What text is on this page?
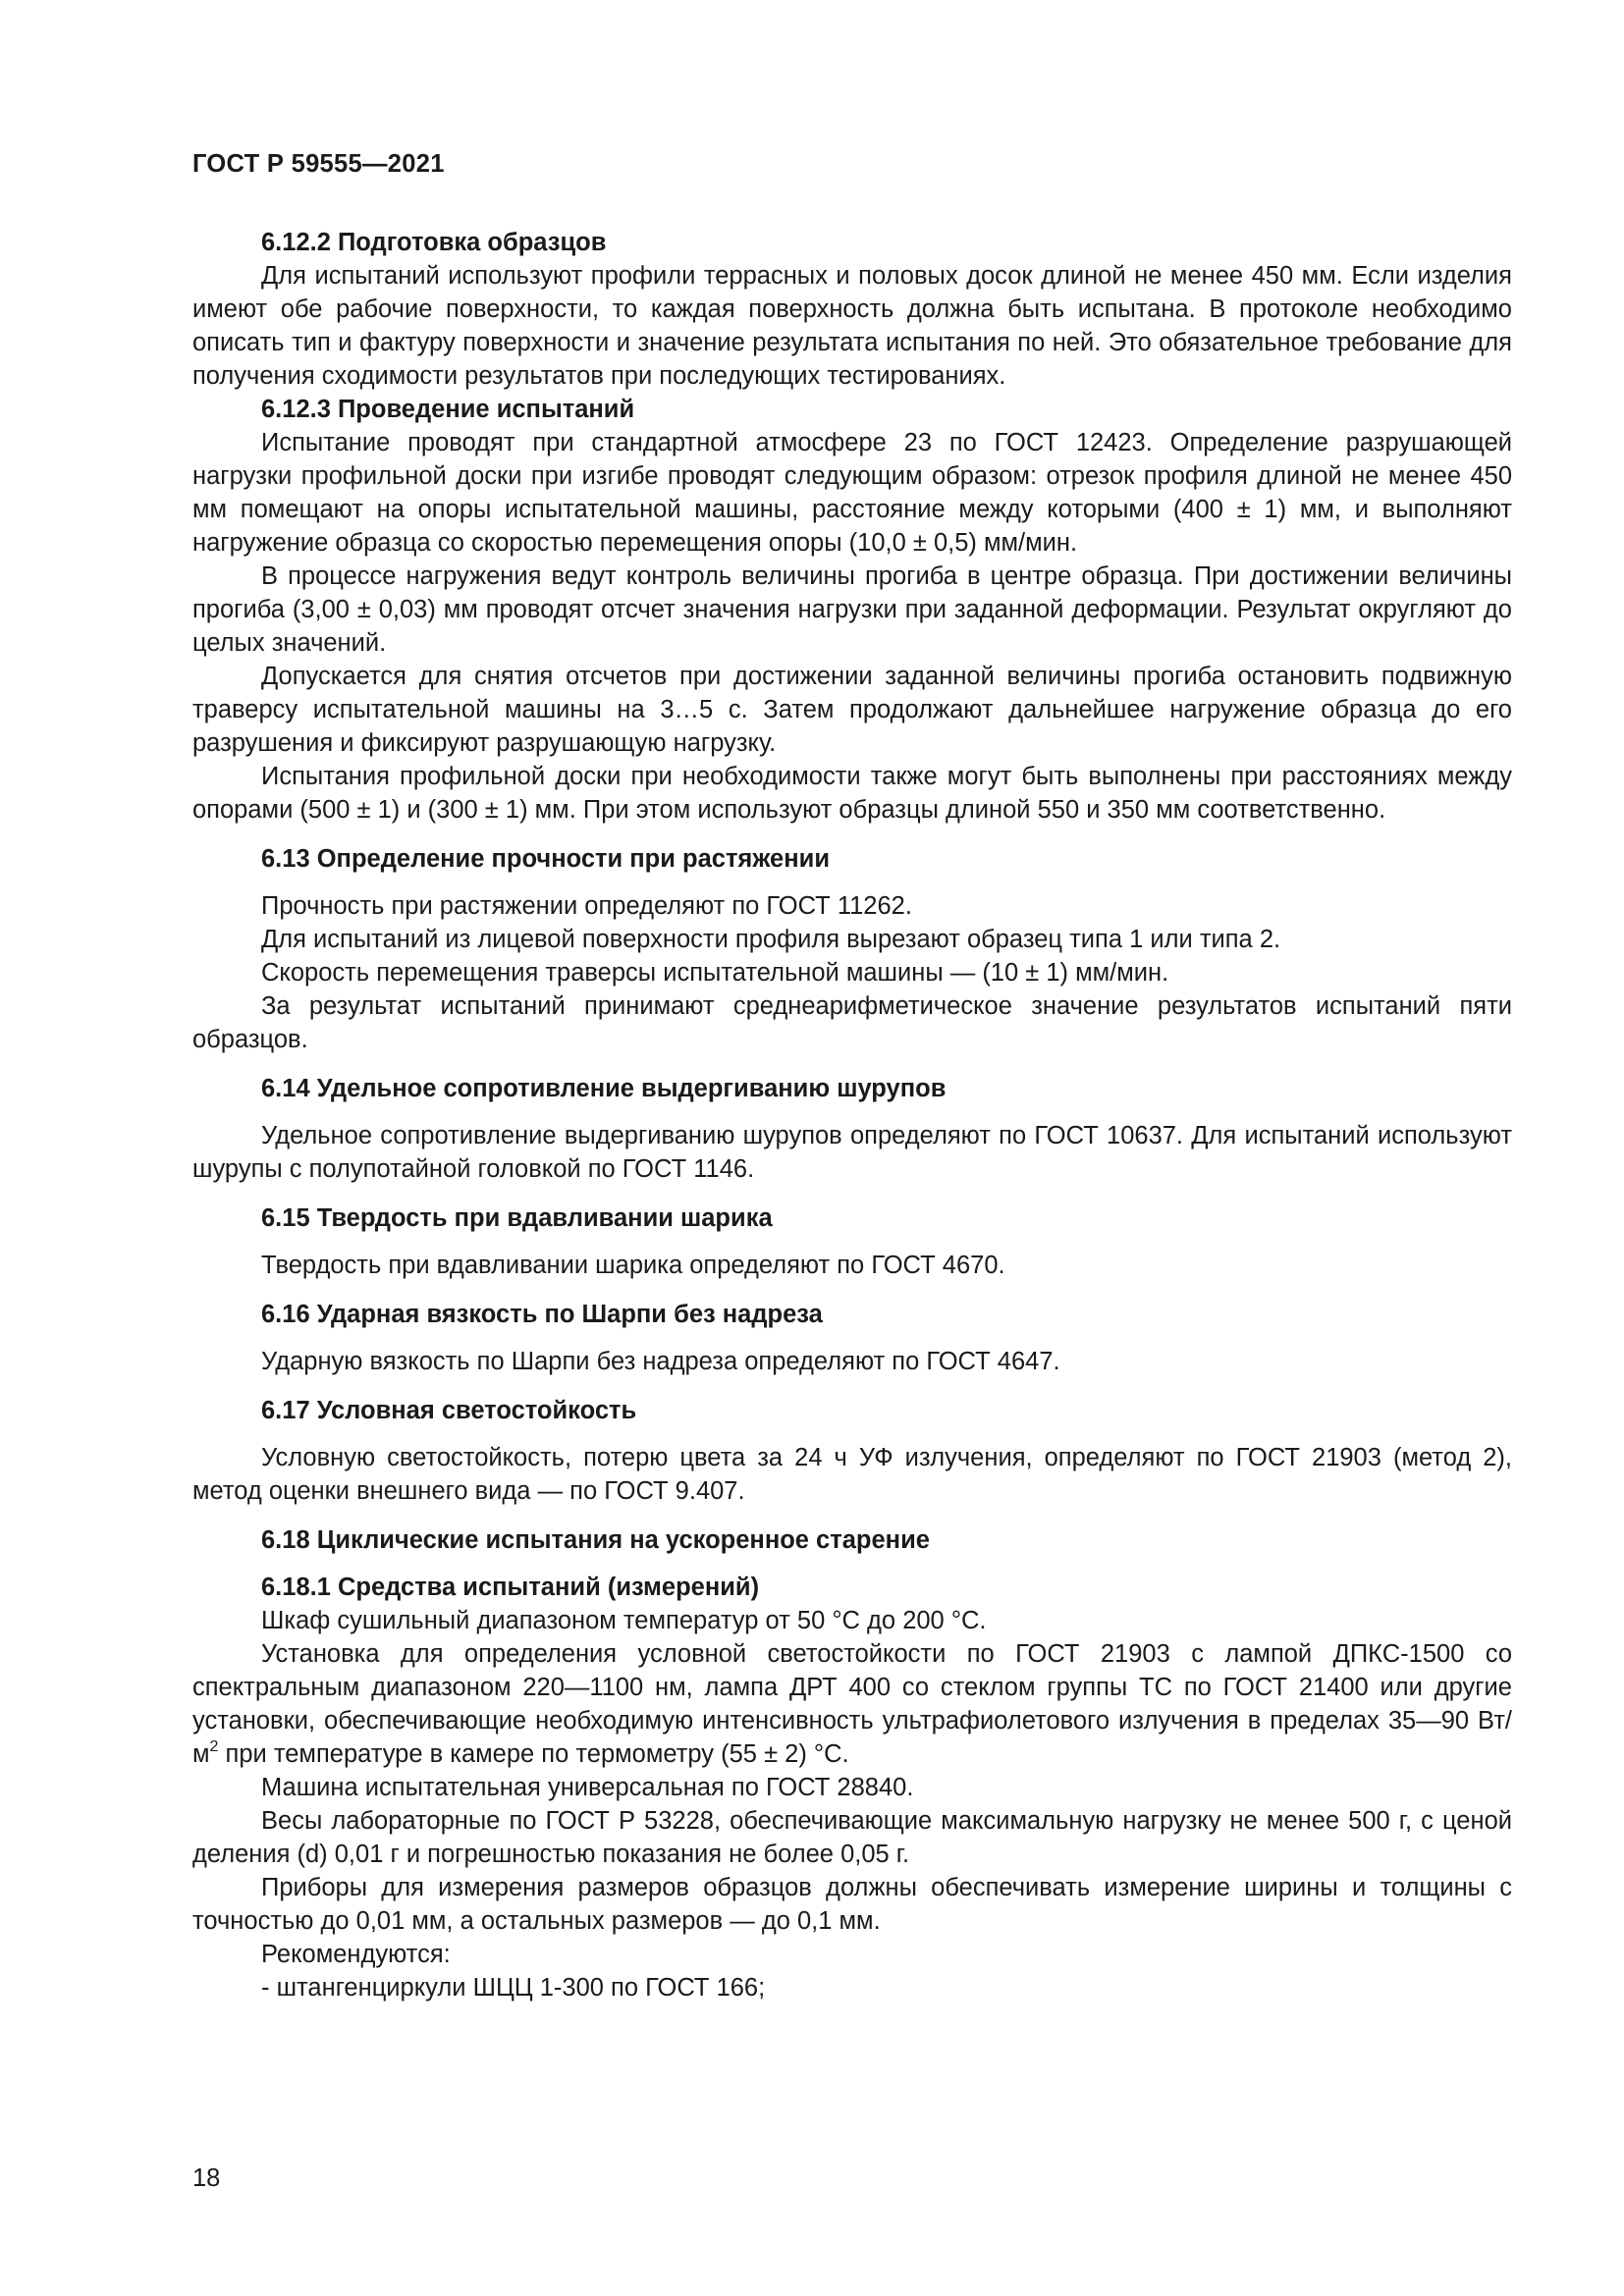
ГОСТ Р 59555—2021

6.12.2 Подготовка образцов

Для испытаний используют профили террасных и половых досок длиной не менее 450 мм. Если изделия имеют обе рабочие поверхности, то каждая поверхность должна быть испытана. В протоколе необходимо описать тип и фактуру поверхности и значение результата испытания по ней. Это обязательное требование для получения сходимости результатов при последующих тестированиях.

6.12.3 Проведение испытаний

Испытание проводят при стандартной атмосфере 23 по ГОСТ 12423. Определение разрушающей нагрузки профильной доски при изгибе проводят следующим образом: отрезок профиля длиной не менее 450 мм помещают на опоры испытательной машины, расстояние между которыми (400 ± 1) мм, и выполняют нагружение образца со скоростью перемещения опоры (10,0 ± 0,5) мм/мин.

В процессе нагружения ведут контроль величины прогиба в центре образца. При достижении величины прогиба (3,00 ± 0,03) мм проводят отсчет значения нагрузки при заданной деформации. Результат округляют до целых значений.

Допускается для снятия отсчетов при достижении заданной величины прогиба остановить подвижную траверсу испытательной машины на 3…5 с. Затем продолжают дальнейшее нагружение образца до его разрушения и фиксируют разрушающую нагрузку.

Испытания профильной доски при необходимости также могут быть выполнены при расстояниях между опорами (500 ± 1) и (300 ± 1) мм. При этом используют образцы длиной 550 и 350 мм соответственно.

6.13 Определение прочности при растяжении

Прочность при растяжении определяют по ГОСТ 11262.

Для испытаний из лицевой поверхности профиля вырезают образец типа 1 или типа 2.

Скорость перемещения траверсы испытательной машины — (10 ± 1) мм/мин.

За результат испытаний принимают среднеарифметическое значение результатов испытаний пяти образцов.

6.14 Удельное сопротивление выдергиванию шурупов

Удельное сопротивление выдергиванию шурупов определяют по ГОСТ 10637. Для испытаний используют шурупы с полупотайной головкой по ГОСТ 1146.

6.15 Твердость при вдавливании шарика

Твердость при вдавливании шарика определяют по ГОСТ 4670.

6.16 Ударная вязкость по Шарпи без надреза

Ударную вязкость по Шарпи без надреза определяют по ГОСТ 4647.

6.17 Условная светостойкость

Условную светостойкость, потерю цвета за 24 ч УФ излучения, определяют по ГОСТ 21903 (метод 2), метод оценки внешнего вида — по ГОСТ 9.407.

6.18 Циклические испытания на ускоренное старение

6.18.1 Средства испытаний (измерений)

Шкаф сушильный диапазоном температур от 50 °С до 200 °С.

Установка для определения условной светостойкости по ГОСТ 21903 с лампой ДПКС-1500 со спектральным диапазоном 220—1100 нм, лампа ДРТ 400 со стеклом группы ТС по ГОСТ 21400 или другие установки, обеспечивающие необходимую интенсивность ультрафиолетового излучения в пределах 35—90 $Вт/м^2$ при температуре в камере по термометру (55 ± 2) °С.

Машина испытательная универсальная по ГОСТ 28840.

Весы лабораторные по ГОСТ Р 53228, обеспечивающие максимальную нагрузку не менее 500 г, с ценой деления (d) 0,01 г и погрешностью показания не более 0,05 г.

Приборы для измерения размеров образцов должны обеспечивать измерение ширины и толщины с точностью до 0,01 мм, а остальных размеров — до 0,1 мм.

Рекомендуются:

- штангенциркули ШЦЦ 1-300 по ГОСТ 166;

18
